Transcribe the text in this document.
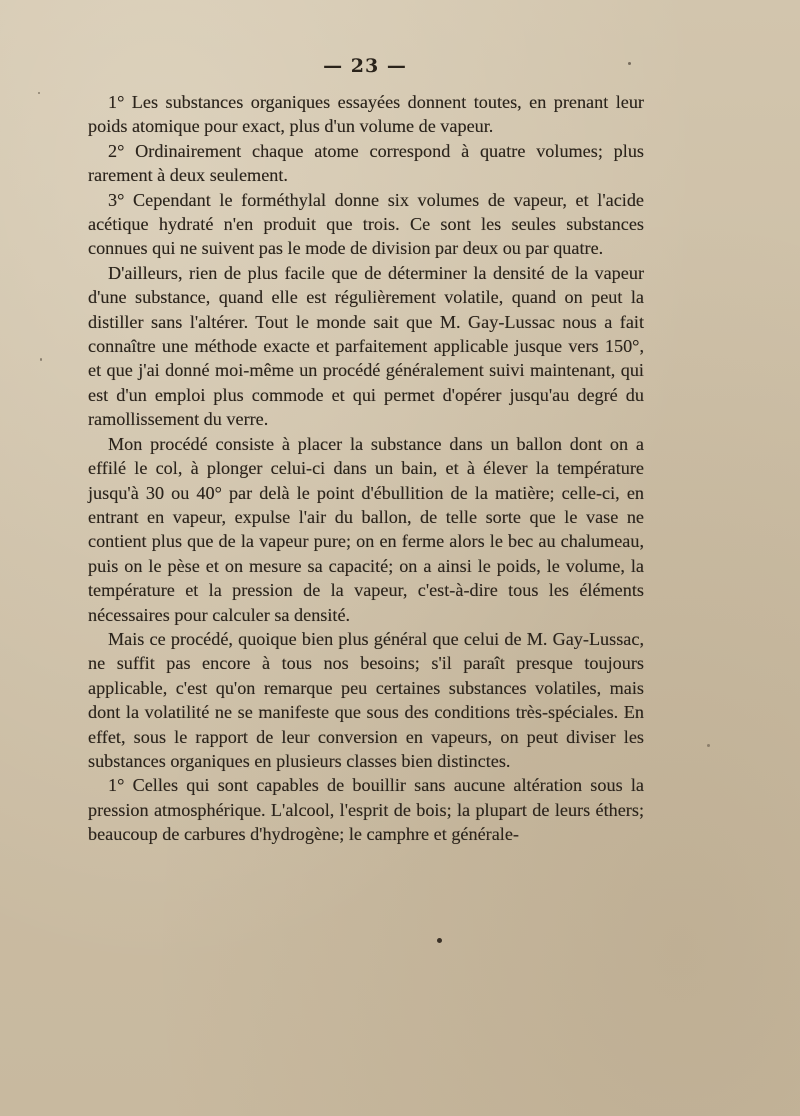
— 23 —

1° Les substances organiques essayées donnent toutes, en prenant leur poids atomique pour exact, plus d'un volume de vapeur.

2° Ordinairement chaque atome correspond à quatre volumes; plus rarement à deux seulement.

3° Cependant le forméthylal donne six volumes de vapeur, et l'acide acétique hydraté n'en produit que trois. Ce sont les seules substances connues qui ne suivent pas le mode de division par deux ou par quatre.

D'ailleurs, rien de plus facile que de déterminer la densité de la vapeur d'une substance, quand elle est régulièrement volatile, quand on peut la distiller sans l'altérer. Tout le monde sait que M. Gay-Lussac nous a fait connaître une méthode exacte et parfaitement applicable jusque vers 150°, et que j'ai donné moi-même un procédé généralement suivi maintenant, qui est d'un emploi plus commode et qui permet d'opérer jusqu'au degré du ramollissement du verre.

Mon procédé consiste à placer la substance dans un ballon dont on a effilé le col, à plonger celui-ci dans un bain, et à élever la température jusqu'à 30 ou 40° par delà le point d'ébullition de la matière; celle-ci, en entrant en vapeur, expulse l'air du ballon, de telle sorte que le vase ne contient plus que de la vapeur pure; on en ferme alors le bec au chalumeau, puis on le pèse et on mesure sa capacité; on a ainsi le poids, le volume, la température et la pression de la vapeur, c'est-à-dire tous les éléments nécessaires pour calculer sa densité.

Mais ce procédé, quoique bien plus général que celui de M. Gay-Lussac, ne suffit pas encore à tous nos besoins; s'il paraît presque toujours applicable, c'est qu'on remarque peu certaines substances volatiles, mais dont la volatilité ne se manifeste que sous des conditions très-spéciales. En effet, sous le rapport de leur conversion en vapeurs, on peut diviser les substances organiques en plusieurs classes bien distinctes.

1° Celles qui sont capables de bouillir sans aucune altération sous la pression atmosphérique. L'alcool, l'esprit de bois; la plupart de leurs éthers; beaucoup de carbures d'hydrogène; le camphre et générale-
